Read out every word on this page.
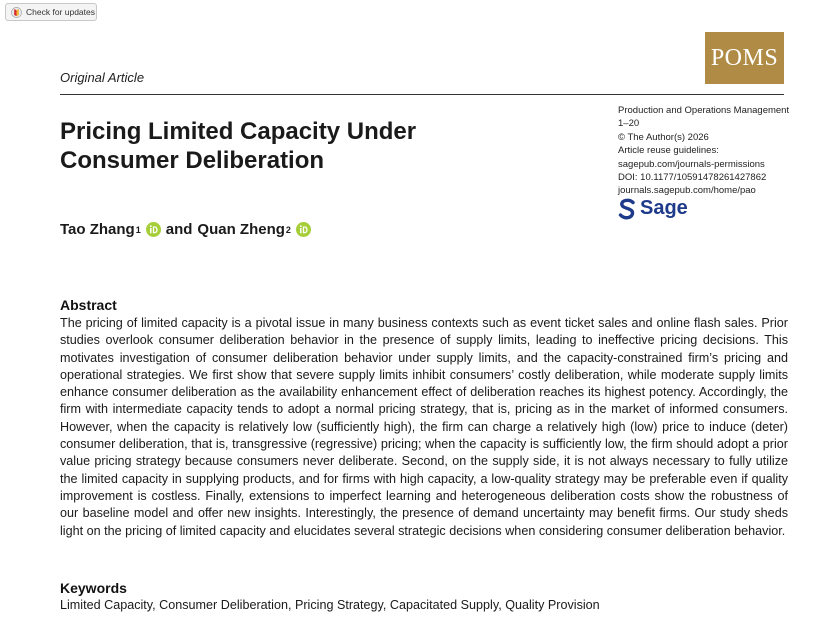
Check for updates
POMS
Original Article
Pricing Limited Capacity Under
Consumer Deliberation
Production and Operations Management
1–20
© The Author(s) 2026
Article reuse guidelines:
sagepub.com/journals-permissions
DOI: 10.1177/10591478261427862
journals.sagepub.com/home/pao
Sage
Tao Zhang 1 and Quan Zheng 2
Abstract

The pricing of limited capacity is a pivotal issue in many business contexts such as event ticket sales and online flash sales. Prior studies overlook consumer deliberation behavior in the presence of supply limits, leading to ineffective pricing decisions. This motivates investigation of consumer deliberation behavior under supply limits, and the capacity-constrained firm’s pricing and operational strategies. We first show that severe supply limits inhibit consumers’ costly deliberation, while moderate supply limits enhance consumer deliberation as the availability enhancement effect of deliberation reaches its highest potency. Accordingly, the firm with intermediate capacity tends to adopt a normal pricing strategy, that is, pricing as in the market of informed consumers. However, when the capacity is relatively low (sufficiently high), the firm can charge a relatively high (low) price to induce (deter) consumer deliberation, that is, transgressive (regressive) pricing; when the capacity is sufficiently low, the firm should adopt a prior value pricing strategy because consumers never deliberate. Second, on the supply side, it is not always necessary to fully utilize the limited capacity in supplying products, and for firms with high capacity, a low-quality strategy may be preferable even if quality improvement is costless. Finally, extensions to imperfect learning and heterogeneous deliberation costs show the robustness of our baseline model and offer new insights. Interestingly, the presence of demand uncertainty may benefit firms. Our study sheds light on the pricing of limited capacity and elucidates several strategic decisions when considering consumer deliberation behavior.

Keywords

Limited Capacity, Consumer Deliberation, Pricing Strategy, Capacitated Supply, Quality Provision
